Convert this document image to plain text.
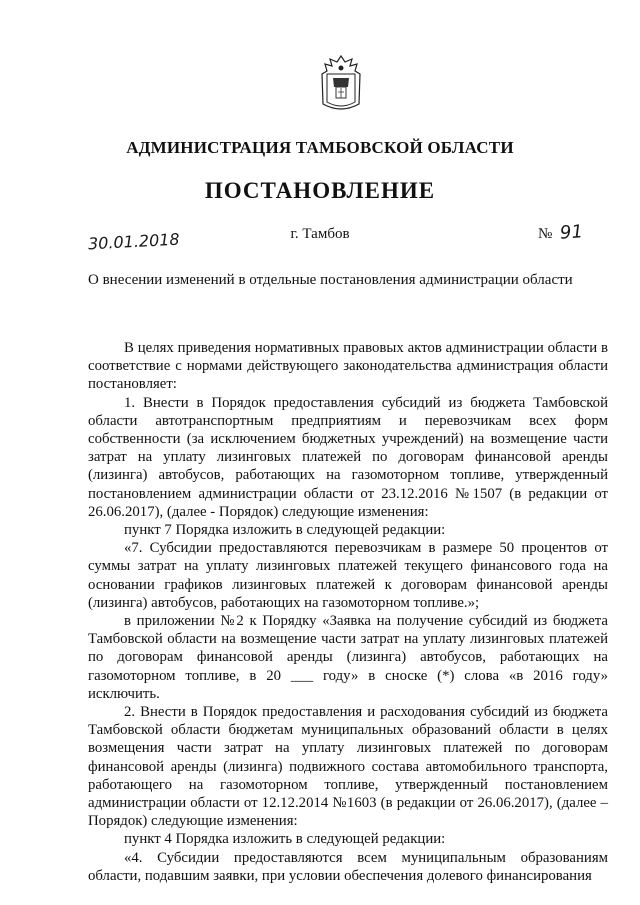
АДМИНИСТРАЦИЯ ТАМБОВСКОЙ ОБЛАСТИ
ПОСТАНОВЛЕНИЕ
30.01.2018	г. Тамбов	№ 91
О внесении изменений в отдельные постановления администрации области

В целях приведения нормативных правовых актов администрации области в соответствие с нормами действующего законодательства администрация области постановляет:

1. Внести в Порядок предоставления субсидий из бюджета Тамбовской области автотранспортным предприятиям и перевозчикам всех форм собственности (за исключением бюджетных учреждений) на возмещение части затрат на уплату лизинговых платежей по договорам финансовой аренды (лизинга) автобусов, работающих на газомоторном топливе, утвержденный постановлением администрации области от 23.12.2016 №1507 (в редакции от 26.06.2017), (далее - Порядок) следующие изменения:

пункт 7 Порядка изложить в следующей редакции:

«7. Субсидии предоставляются перевозчикам в размере 50 процентов от суммы затрат на уплату лизинговых платежей текущего финансового года на основании графиков лизинговых платежей к договорам финансовой аренды (лизинга) автобусов, работающих на газомоторном топливе.»;

в приложении №2 к Порядку «Заявка на получение субсидий из бюджета Тамбовской области на возмещение части затрат на уплату лизинговых платежей по договорам финансовой аренды (лизинга) автобусов, работающих на газомоторном топливе, в 20 ___ году» в сноске (*) слова «в 2016 году» исключить.

2. Внести в Порядок предоставления и расходования субсидий из бюджета Тамбовской области бюджетам муниципальных образований области в целях возмещения части затрат на уплату лизинговых платежей по договорам финансовой аренды (лизинга) подвижного состава автомобильного транспорта, работающего на газомоторном топливе, утвержденный постановлением администрации области от 12.12.2014 №1603 (в редакции от 26.06.2017), (далее – Порядок) следующие изменения:

пункт 4 Порядка изложить в следующей редакции:

«4. Субсидии предоставляются всем муниципальным образованиям области, подавшим заявки, при условии обеспечения долевого финансирования
